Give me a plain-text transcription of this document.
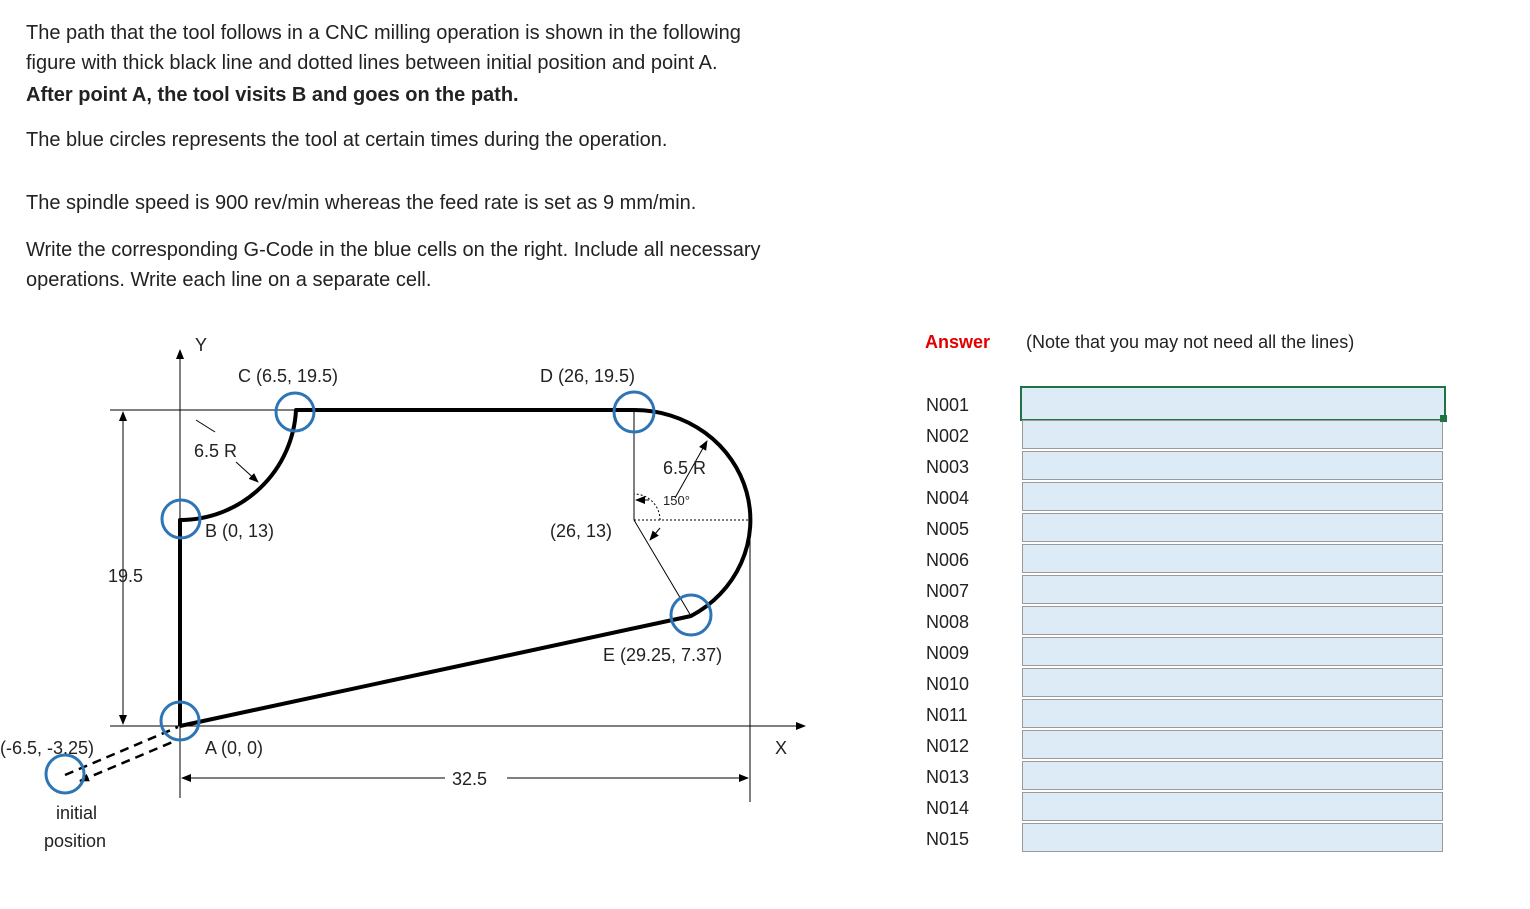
The path that the tool follows in a CNC milling operation is shown in the following

figure with thick black line and dotted lines between initial position and point A.

After point A, the tool visits B and goes on the path.

The blue circles represents the tool at certain times during the operation.

The spindle speed is 900 rev/min whereas the feed rate is set as 9 mm/min.

Write the corresponding G-Code in the blue cells on the right. Include all necessary

operations. Write each line on a separate cell.

Y
X
C (6.5, 19.5)	D (26, 19.5)
6.5 R
6.5 R
150°
B (0, 13)	(26, 13)
19.5
E (29.25, 7.37)
A (0, 0)
(-6.5, -3.25)
32.5
initial
position
Answer (Note that you may not need all the lines)
N001
N002
N003
N004
N005
N006
N007
N008
N009
N010
N011
N012
N013
N014
N015
